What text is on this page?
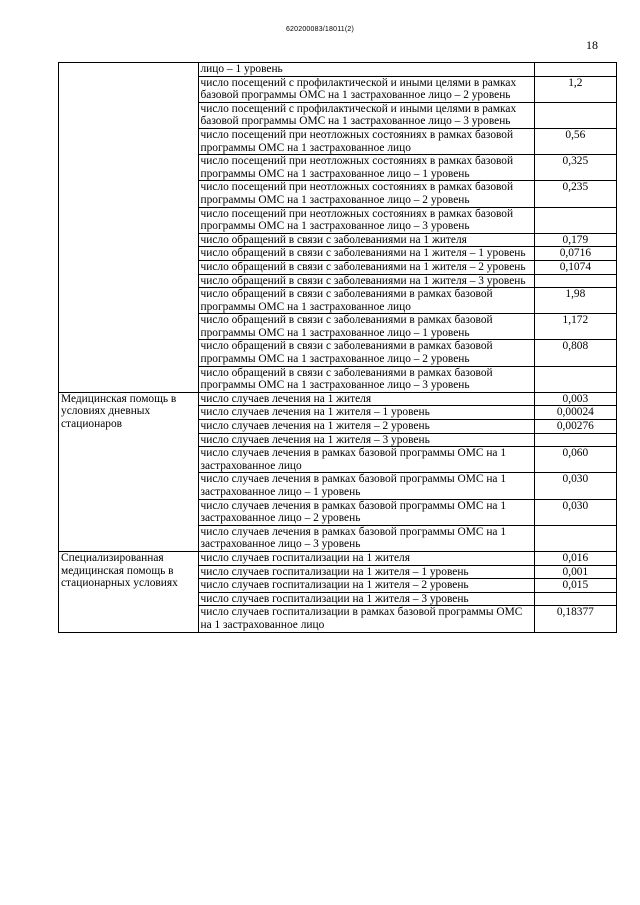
620200083/18011(2)
18
	лицо – 1 уровень	
	число посещений с профилактической и иными целями в рамках базовой программы ОМС на 1 застрахованное лицо – 2 уровень	1,2
	число посещений с профилактической и иными целями в рамках базовой программы ОМС на 1 застрахованное лицо – 3 уровень	
	число посещений при неотложных состояниях в рамках базовой программы ОМС на 1 застрахованное лицо	0,56
	число посещений при неотложных состояниях в рамках базовой программы ОМС на 1 застрахованное лицо – 1 уровень	0,325
	число посещений при неотложных состояниях в рамках базовой программы ОМС на 1 застрахованное лицо – 2 уровень	0,235
	число посещений при неотложных состояниях в рамках базовой программы ОМС на 1 застрахованное лицо – 3 уровень	
	число обращений в связи с заболеваниями на 1 жителя	0,179
	число обращений в связи с заболеваниями на 1 жителя – 1 уровень	0,0716
	число обращений в связи с заболеваниями на 1 жителя – 2 уровень	0,1074
	число обращений в связи с заболеваниями на 1 жителя – 3 уровень	
	число обращений в связи с заболеваниями в рамках базовой программы ОМС на 1 застрахованное лицо	1,98
	число обращений в связи с заболеваниями в рамках базовой программы ОМС на 1 застрахованное лицо – 1 уровень	1,172
	число обращений в связи с заболеваниями в рамках базовой программы ОМС на 1 застрахованное лицо – 2 уровень	0,808
	число обращений в связи с заболеваниями в рамках базовой программы ОМС на 1 застрахованное лицо – 3 уровень	
Медицинская помощь в условиях дневных стационаров	число случаев лечения на 1 жителя	0,003
	число случаев лечения на 1 жителя – 1 уровень	0,00024
	число случаев лечения на 1 жителя – 2 уровень	0,00276
	число случаев лечения на 1 жителя – 3 уровень	
	число случаев лечения в рамках базовой программы ОМС на 1 застрахованное лицо	0,060
	число случаев лечения в рамках базовой программы ОМС на 1 застрахованное лицо – 1 уровень	0,030
	число случаев лечения в рамках базовой программы ОМС на 1 застрахованное лицо – 2 уровень	0,030
	число случаев лечения в рамках базовой программы ОМС на 1 застрахованное лицо – 3 уровень	
Специализированная медицинская помощь в стационарных условиях	число случаев госпитализации на 1 жителя	0,016
	число случаев госпитализации на 1 жителя – 1 уровень	0,001
	число случаев госпитализации на 1 жителя – 2 уровень	0,015
	число случаев госпитализации на 1 жителя – 3 уровень	
	число случаев госпитализации в рамках базовой программы ОМС на 1 застрахованное лицо	0,18377
